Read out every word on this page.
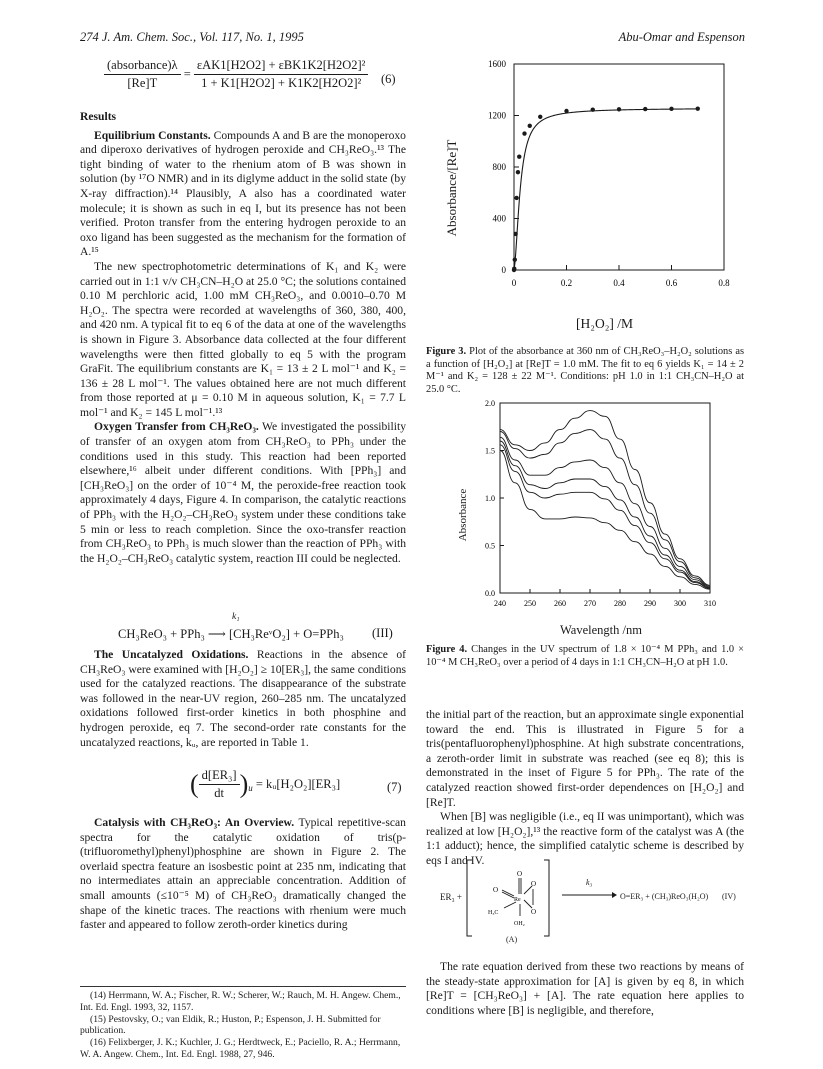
274 J. Am. Chem. Soc., Vol. 117, No. 1, 1995	Abu-Omar and Espenson
$\frac{\text{(absorbance)λ}}{[Re]T} = \frac{\text{εAK1[H2O2] + εBK1K2[H2O2]²}}{\text{1 + K1[H2O2] + K1K2[H2O2]²}} (6)$

Results

Equilibrium Constants. Compounds A and B are the monoperoxo and diperoxo derivatives of hydrogen peroxide and CH₃ReO₃.¹³ The tight binding of water to the rhenium atom of B was shown in solution (by ¹⁷O NMR) and in its diglyme adduct in the solid state (by X-ray diffraction).¹⁴ Plausibly, A also has a coordinated water molecule; it is shown as such in eq I, but its presence has not been verified. Proton transfer from the entering hydrogen peroxide to an oxo ligand has been suggested as the mechanism for the formation of A.¹⁵

The new spectrophotometric determinations of K₁ and K₂ were carried out in 1:1 v/v CH₃CN–H₂O at 25.0 °C; the solutions contained 0.10 M perchloric acid, 1.00 mM CH₃ReO₃, and 0.0010–0.70 M H₂O₂. The spectra were recorded at wavelengths of 360, 380, 400, and 420 nm. A typical fit to eq 6 of the data at one of the wavelengths is shown in Figure 3. Absorbance data collected at the four different wavelengths were then fitted globally to eq 5 with the program GraFit. The equilibrium constants are K₁ = 13 ± 2 L mol⁻¹ and K₂ = 136 ± 28 L mol⁻¹. The values obtained here are not much different from those reported at μ = 0.10 M in aqueous solution, K₁ = 7.7 L mol⁻¹ and K₂ = 145 L mol⁻¹.¹³

Oxygen Transfer from CH₃ReO₃. We investigated the possibility of transfer of an oxygen atom from CH₃ReO₃ to PPh₃ under the conditions used in this study. This reaction had been reported elsewhere,¹⁶ albeit under different conditions. With [PPh₃] and [CH₃ReO₃] on the order of 10⁻⁴ M, the peroxide-free reaction took approximately 4 days, Figure 4. In comparison, the catalytic reactions of PPh₃ with the H₂O₂–CH₃ReO₃ system under these conditions take 5 min or less to reach completion. Since the oxo-transfer reaction from CH₃ReO₃ to PPh₃ is much slower than the reaction of PPh₃ with the H₂O₂–CH₃ReO₃ catalytic system, reaction III could be neglected.

CH₃ReO₃ + PPh₃ ⟶ [CH₃ReᵛO₂] + O=PPh₃
k₁
(III)

The Uncatalyzed Oxidations. Reactions in the absence of CH₃ReO₃ were examined with [H₂O₂] ≥ 10[ER₃], the same conditions used for the catalyzed reactions. The disappearance of the substrate was followed in the near-UV region, 260–285 nm. The uncatalyzed oxidations followed first-order kinetics in both phosphine and hydrogen peroxide, eq 7. The second-order rate constants for the uncatalyzed reactions, kᵤ, are reported in Table 1.

( $\frac{\text{d[ER₃]}}{dt} )_u$ = kᵤ[H₂O₂][ER₃]	(7)

Catalysis with CH₃ReO₃: An Overview. Typical repetitive-scan spectra for the catalytic oxidation of tris(p-(trifluoromethyl)phenyl)phosphine are shown in Figure 2. The overlaid spectra feature an isosbestic point at 235 nm, indicating that no intermediates attain an appreciable concentration. Addition of small amounts (≤10⁻⁵ M) of CH₃ReO₃ dramatically changed the shape of the kinetic traces. The reactions with rhenium were much faster and appeared to follow zeroth-order kinetics during

(14) Herrmann, W. A.; Fischer, R. W.; Scherer, W.; Rauch, M. H. Angew. Chem., Int. Ed. Engl. 1993, 32, 1157.
(15) Pestovsky, O.; van Eldik, R.; Huston, P.; Espenson, J. H. Submitted for publication.
(16) Felixberger, J. K.; Kuchler, J. G.; Herdtweck, E.; Paciello, R. A.; Herrmann, W. A. Angew. Chem., Int. Ed. Engl. 1988, 27, 946.
0	0.2	0.4	0.6	0.8
0
400
800
1200
1600
Absorbance/[Re]T
[H₂O₂] /M
Figure 3. Plot of the absorbance at 360 nm of CH₃ReO₃–H₂O₂ solutions as a function of [H₂O₂] at [Re]T = 1.0 mM. The fit to eq 6 yields K₁ = 14 ± 2 M⁻¹ and K₂ = 128 ± 22 M⁻¹. Conditions: pH 1.0 in 1:1 CH₃CN–H₂O at 25.0 °C.
240 250 260 270 280 290 300 310
0.0
0.5
1.0
1.5
2.0
Absorbance
Wavelength /nm
Figure 4. Changes in the UV spectrum of 1.8 × 10⁻⁴ M PPh₃ and 1.0 × 10⁻⁴ M CH₃ReO₃ over a period of 4 days in 1:1 CH₃CN–H₂O at pH 1.0.

the initial part of the reaction, but an approximate single exponential toward the end. This is illustrated in Figure 5 for a tris(pentafluorophenyl)phosphine. At high substrate concentrations, a zeroth-order limit in substrate was reached (see eq 8); this is demonstrated in the inset of Figure 5 for PPh₃. The rate of the catalyzed reaction showed first-order dependences on [H₂O₂] and [Re]T.

When [B] was negligible (i.e., eq II was unimportant), which was realized at low [H₂O₂],¹³ the reactive form of the catalyst was A (the 1:1 adduct); hence, the simplified catalytic scheme is described by eqs I and IV.

ER₃ +
O
O
O
O
Re
H₃C
OH₂
(A)
k₃
O=ER₃ + (CH₃)ReO₃(H₂O) (IV)

The rate equation derived from these two reactions by means of the steady-state approximation for [A] is given by eq 8, in which [Re]T = [CH₃ReO₃] + [A]. The rate equation here applies to conditions where [B] is negligible, and therefore,
